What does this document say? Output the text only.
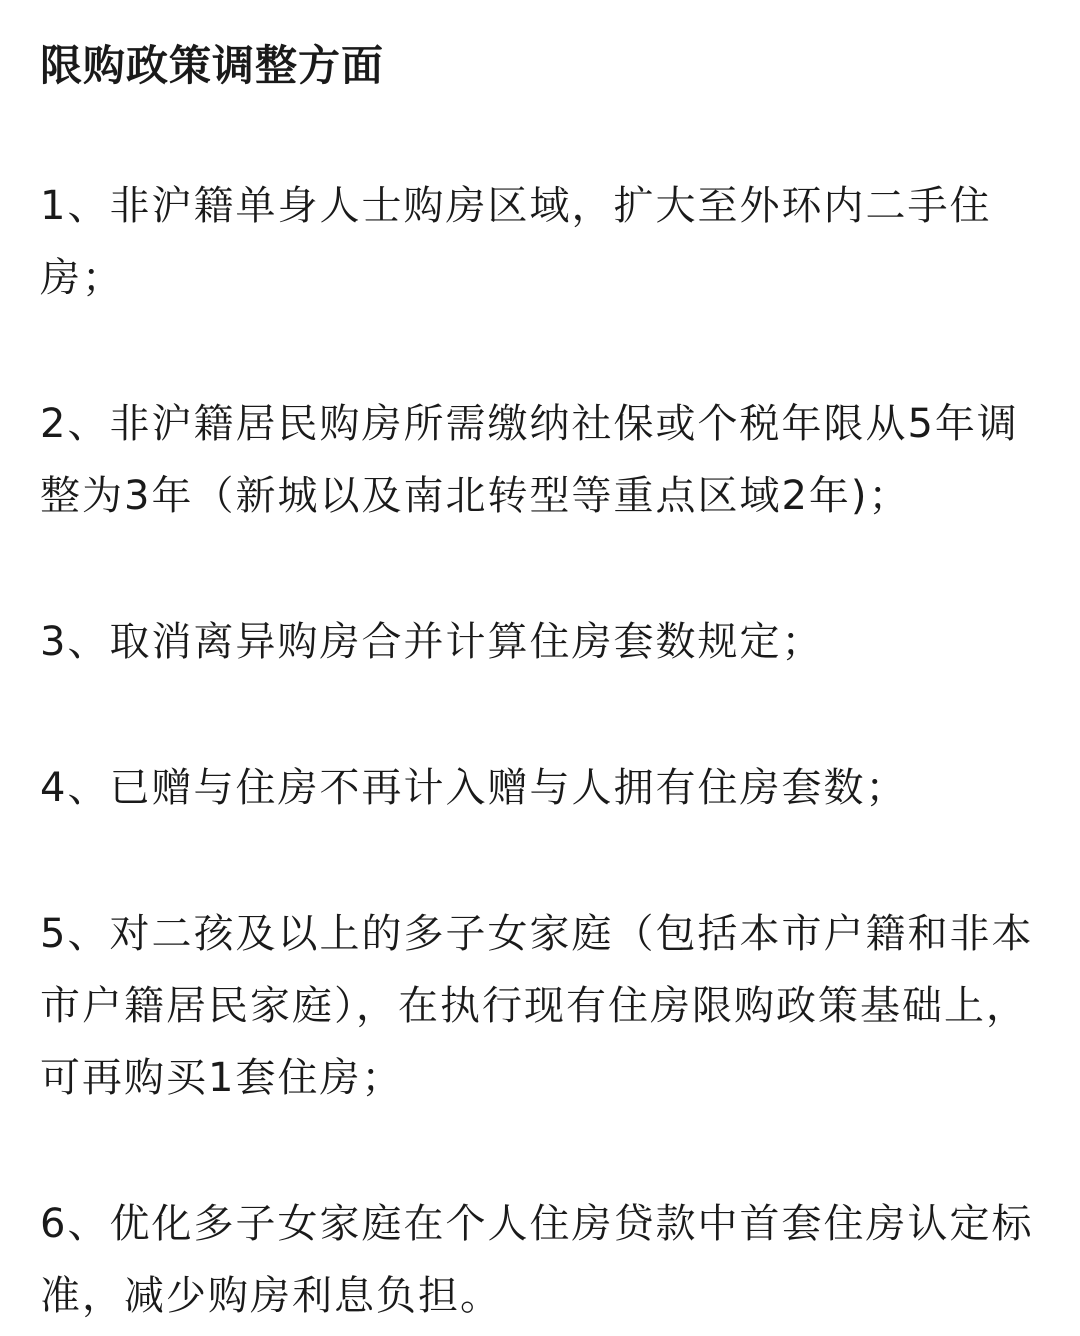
限购政策调整方面
1、非沪籍单身人士购房区域，扩大至外环内二手住房；
2、非沪籍居民购房所需缴纳社保或个税年限从5年调整为3年（新城以及南北转型等重点区域2年)；
3、取消离异购房合并计算住房套数规定；
4、已赠与住房不再计入赠与人拥有住房套数；
5、对二孩及以上的多子女家庭（包括本市户籍和非本市户籍居民家庭），在执行现有住房限购政策基础上，可再购买1套住房；
6、优化多子女家庭在个人住房贷款中首套住房认定标准，减少购房利息负担。
